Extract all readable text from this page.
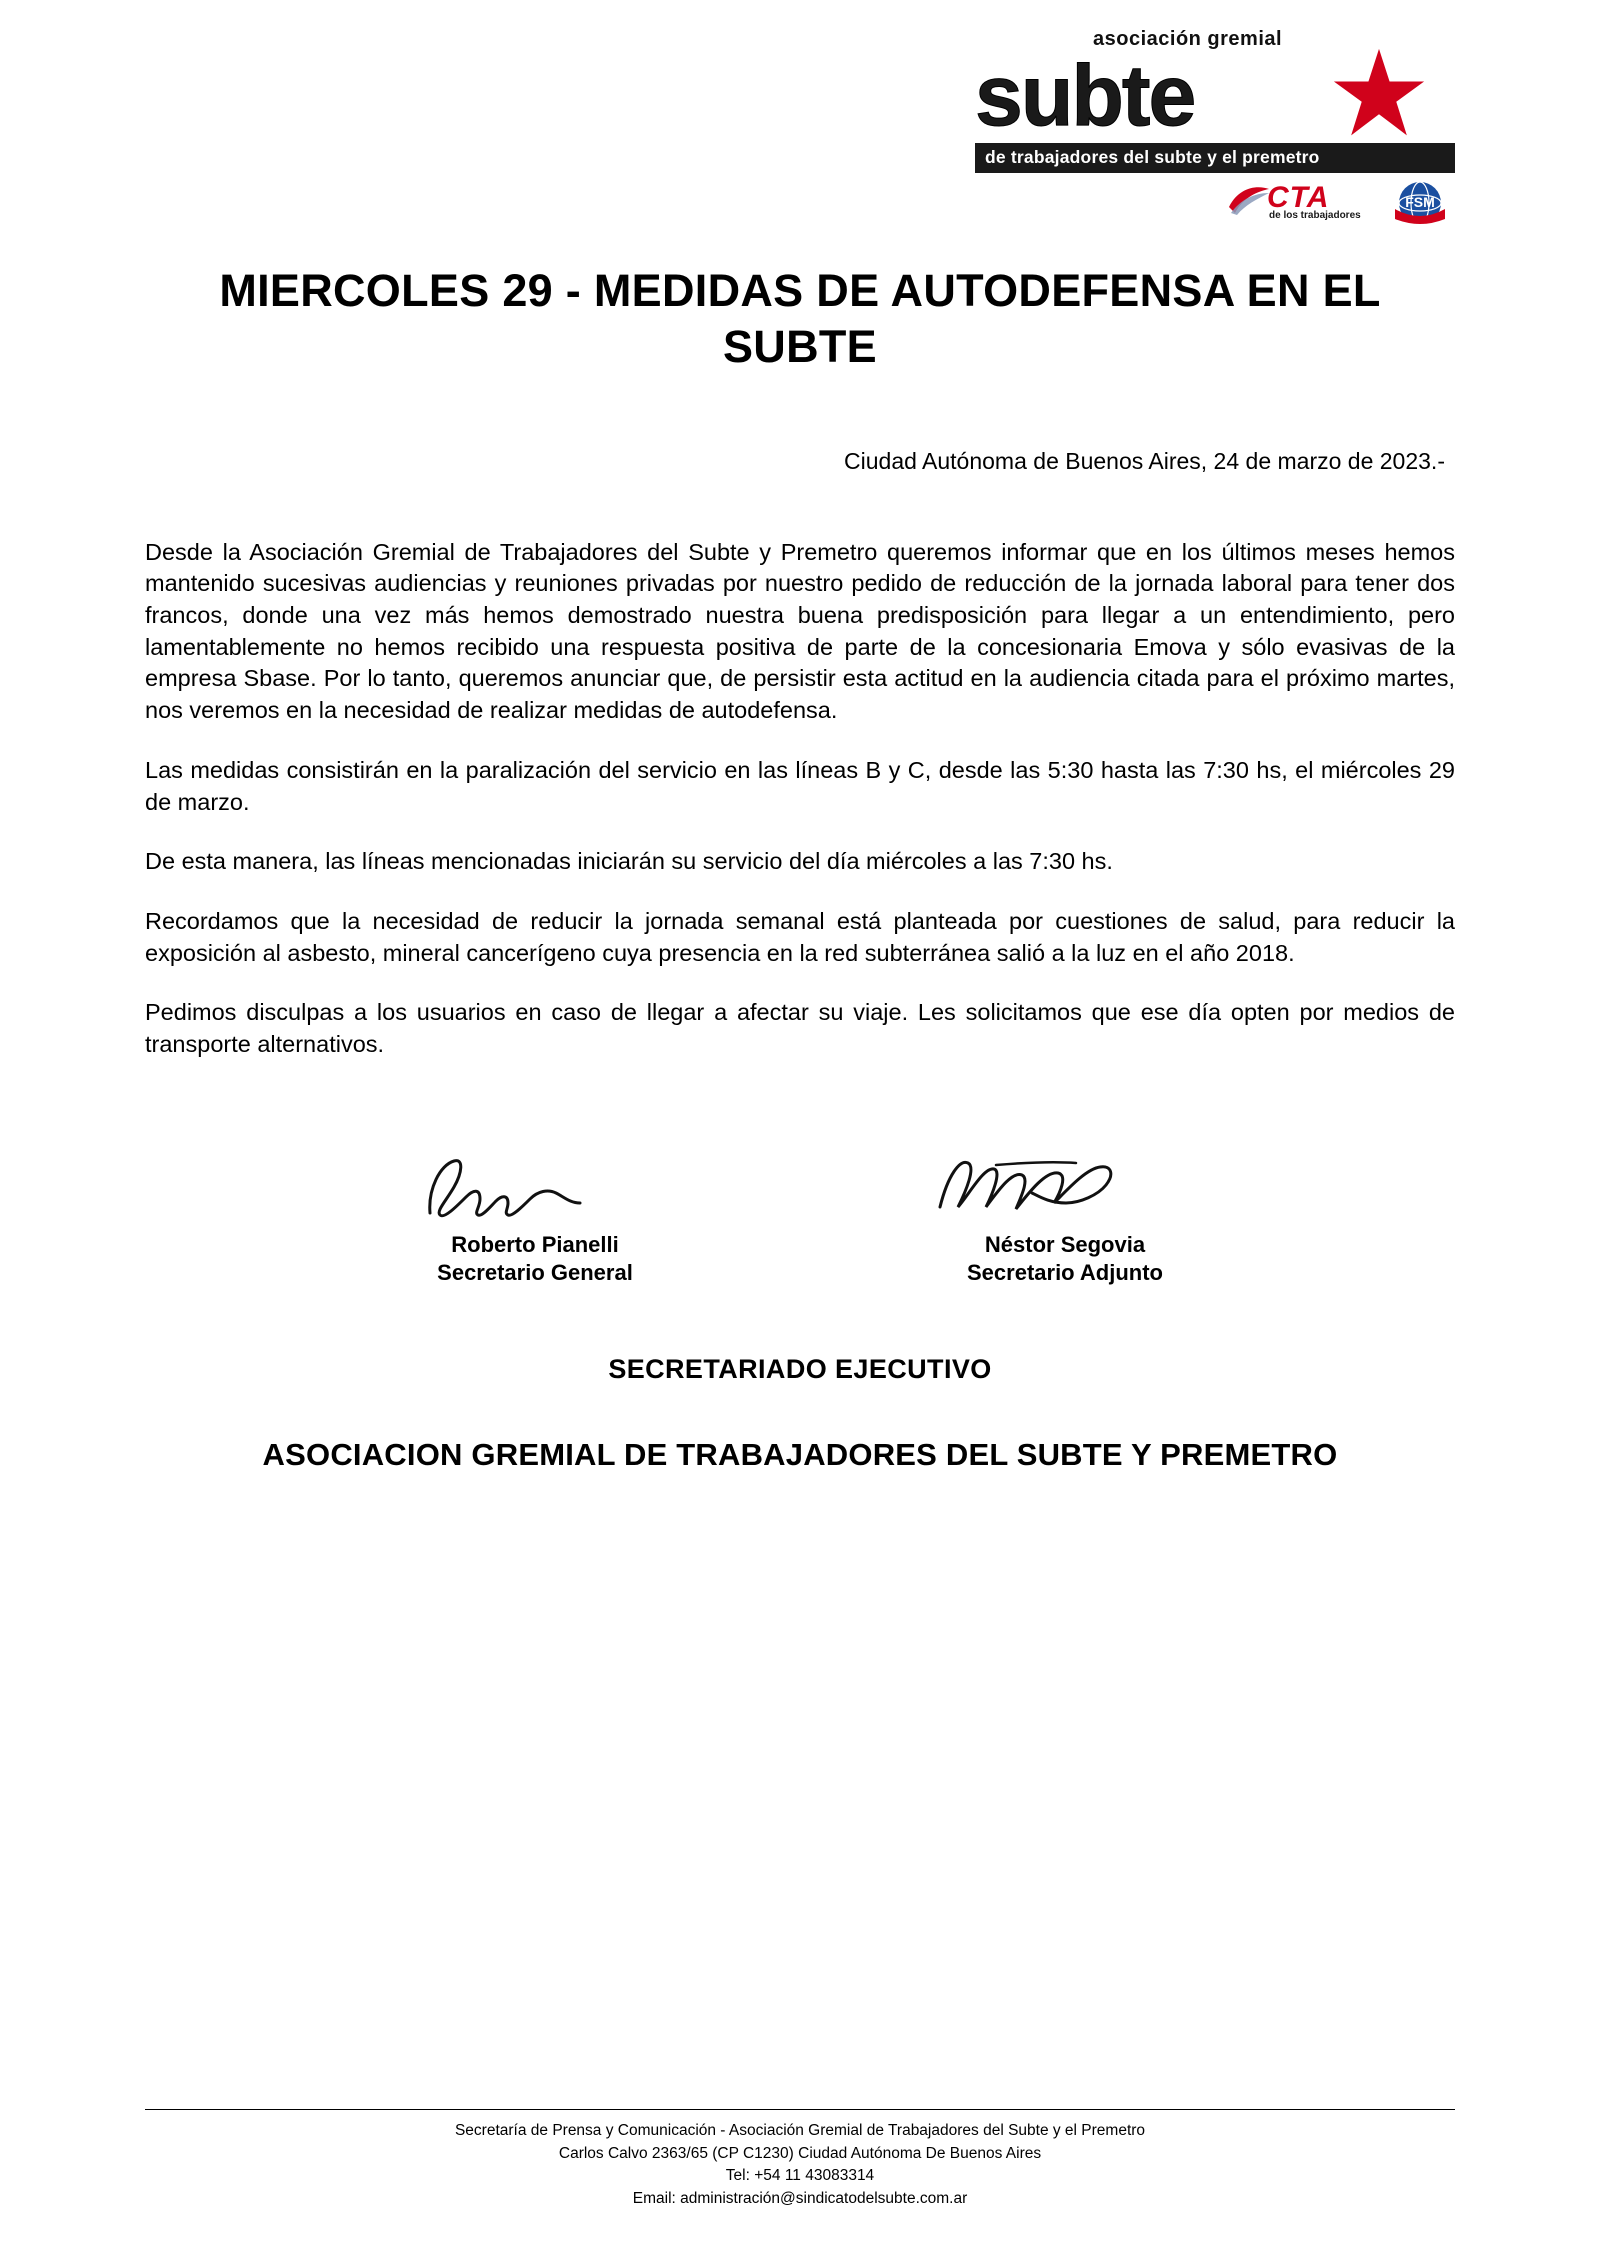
asociación gremial
subte
de trabajadores del subte y el premetro
CTA
de los trabajadores
FSM
MIERCOLES 29 - MEDIDAS DE AUTODEFENSA EN EL SUBTE
Ciudad Autónoma de Buenos Aires, 24 de marzo de 2023.-

Desde la Asociación Gremial de Trabajadores del Subte y Premetro queremos informar que en los últimos meses hemos mantenido sucesivas audiencias y reuniones privadas por nuestro pedido de reducción de la jornada laboral para tener dos francos, donde una vez más hemos demostrado nuestra buena predisposición para llegar a un entendimiento, pero lamentablemente no hemos recibido una respuesta positiva de parte de la concesionaria Emova y sólo evasivas de la empresa Sbase. Por lo tanto, queremos anunciar que, de persistir esta actitud en la audiencia citada para el próximo martes, nos veremos en la necesidad de realizar medidas de autodefensa.

Las medidas consistirán en la paralización del servicio en las líneas B y C, desde las 5:30 hasta las 7:30 hs, el miércoles 29 de marzo.

De esta manera, las líneas mencionadas iniciarán su servicio del día miércoles a las 7:30 hs.

Recordamos que la necesidad de reducir la jornada semanal está planteada por cuestiones de salud, para reducir la exposición al asbesto, mineral cancerígeno cuya presencia en la red subterránea salió a la luz en el año 2018.

Pedimos disculpas a los usuarios en caso de llegar a afectar su viaje. Les solicitamos que ese día opten por medios de transporte alternativos.

Roberto Pianelli
Secretario General
Néstor Segovia
Secretario Adjunto
SECRETARIADO EJECUTIVO
ASOCIACION GREMIAL DE TRABAJADORES DEL SUBTE Y PREMETRO
Secretaría de Prensa y Comunicación - Asociación Gremial de Trabajadores del Subte y el Premetro
Carlos Calvo 2363/65 (CP C1230) Ciudad Autónoma De Buenos Aires
Tel: +54 11 43083314
Email: administración@sindicatodelsubte.com.ar
